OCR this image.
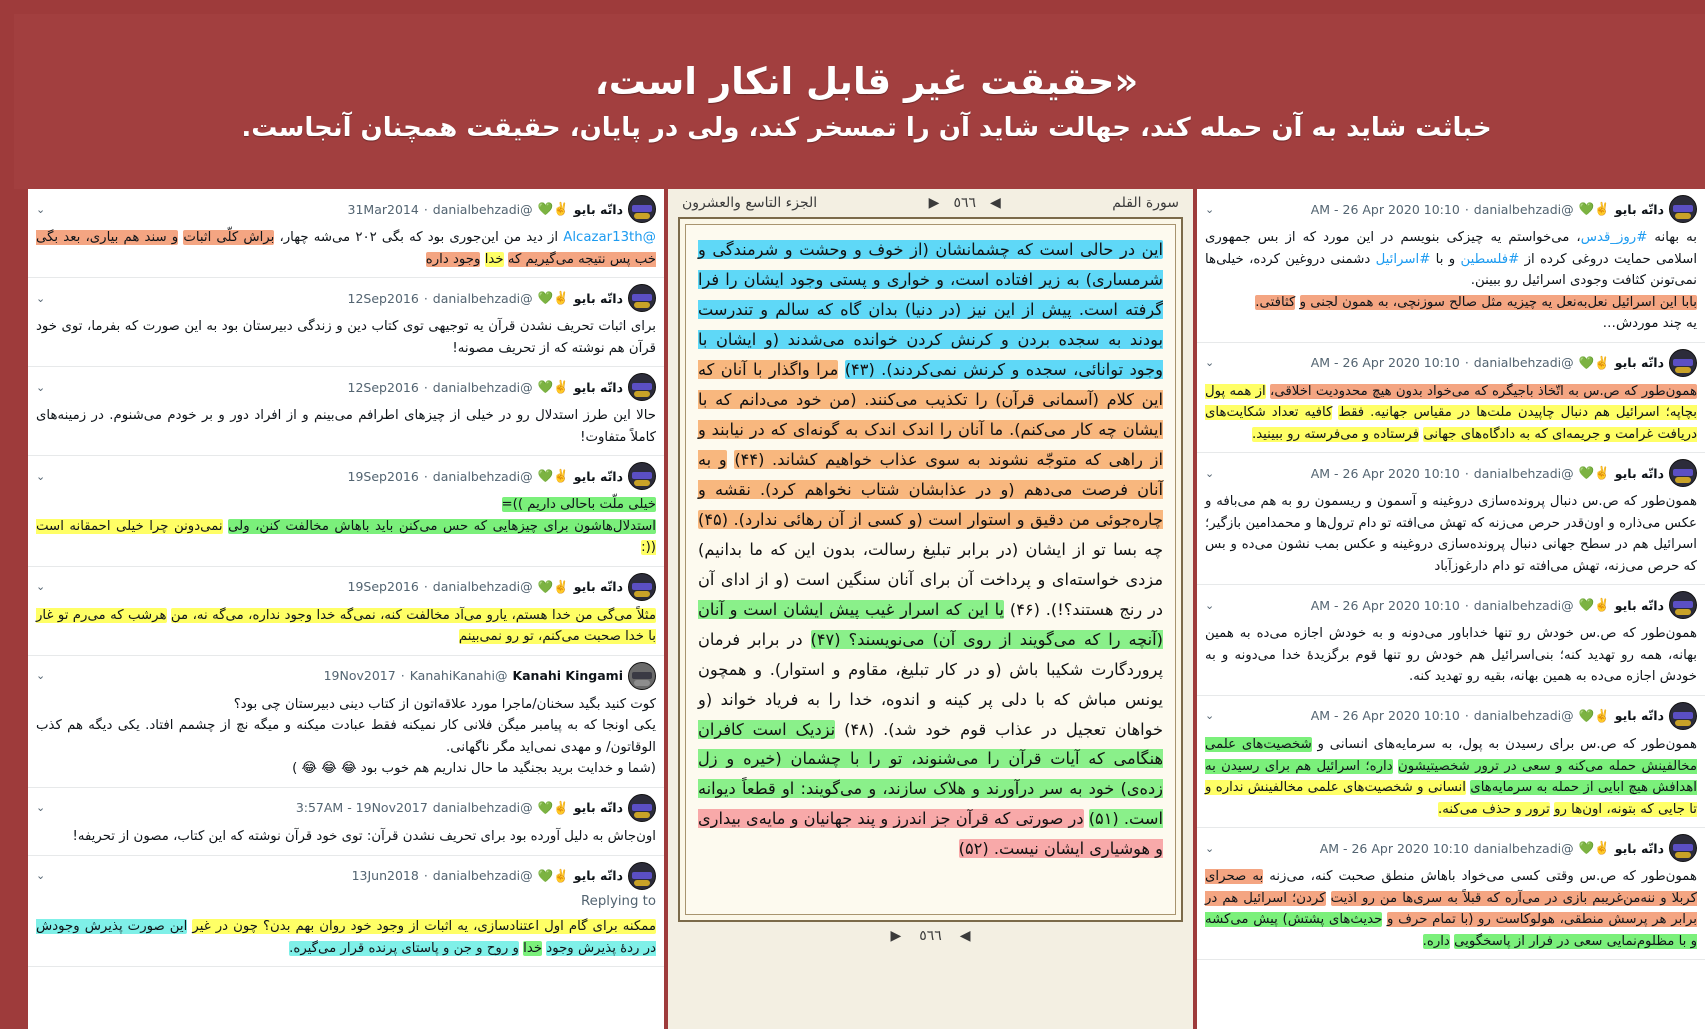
«حقیقت غیر قابل انکار است،
خباثت شاید به آن حمله کند، جهالت شاید آن را تمسخر کند، ولی در پایان، حقیقت همچنان آنجاست.
داتّه بایو
✌️💚
@danialbehzadi
·
10:10 AM - 26 Apr 2020
⌄
به بهانه #روز_قدس، می‌خواستم یه چیزکی بنویسم در این مورد که از بس جمهوری اسلامی حمایت دروغی کرده از #فلسطین و با #اسرائیل دشمنی دروغین کرده، خیلی‌ها نمی‌تونن کثافت وجودی اسرائیل رو ببینن.
بابا این اسرائیل نعل‌به‌نعل یه چیزیه مثل صالح سوزنچی، به همون لجنی و کثافتی.
یه چند موردش…
داتّه بایو
✌️💚
@danialbehzadi
·
10:10 AM - 26 Apr 2020
⌄
همون‌طور که ص.س به اتّخاذ باجیگره که می‌خواد بدون هیچ محدودیت اخلاقی، از همه پول بچاپه؛ اسرائیل هم دنبال چاپیدن ملت‌ها در مقیاس جهانیه. فقط کافیه تعداد شکایت‌های دریافت غرامت و جریمه‌ای که به دادگاه‌های جهانی فرستاده و می‌فرسته رو ببینید.
داتّه بایو
✌️💚
@danialbehzadi
·
10:10 AM - 26 Apr 2020
⌄
همون‌طور که ص.س دنبال پرونده‌سازی دروغینه و آسمون و ریسمون رو به هم می‌بافه و عکس می‌ذاره و اون‌قدر حرص می‌زنه که تهش می‌افته تو دام ترول‌ها و محمدامین بازگیر؛ اسرائیل هم در سطح جهانی دنبال پرونده‌سازی دروغینه و عکس بمب نشون می‌ده و بس که حرص می‌زنه، تهش می‌افته تو دام دارغوزآباد
داتّه بایو
✌️💚
@danialbehzadi
·
10:10 AM - 26 Apr 2020
⌄
همون‌طور که ص.س خودش رو تنها خداباور می‌دونه و به خودش اجازه می‌ده به همین بهانه، همه رو تهدید کنه؛ بنی‌اسرائیل هم خودش رو تنها قوم برگزیدهٔ خدا می‌دونه و به خودش اجازه می‌ده به همین بهانه، بقیه رو تهدید کنه.
داتّه بایو
✌️💚
@danialbehzadi
·
10:10 AM - 26 Apr 2020
⌄
همون‌طور که ص.س برای رسیدن به پول، به سرمایه‌های انسانی و شخصیت‌های علمی مخالفینش حمله می‌کنه و سعی در ترور شخصیتیشون داره؛ اسرائیل هم برای رسیدن به اهدافش هیچ ابایی از حمله به سرمایه‌های انسانی و شخصیت‌های علمی مخالفینش نداره و تا جایی که بتونه، اون‌ها رو ترور و حذف می‌کنه.
داتّه بایو
✌️💚
@danialbehzadi
10:10 AM - 26 Apr 2020
⌄
همون‌طور که ص.س وقتی کسی می‌خواد باهاش منطق صحبت کنه، می‌زنه به صحرای کربلا و ننه‌من‌غریبم بازی در می‌آره که قبلاً به سری‌ها من رو اذیت کردن؛ اسرائیل هم در برابر هر پرسش منطقی، هولوکاست رو (با تمام حرف و حدیث‌های پشتش) پیش می‌کشه و با مظلوم‌نمایی سعی در فرار از پاسخگویی داره.
سورة القلم
◀
٥٦٦
▶
الجزء التاسع والعشرون
این در حالی است که چشمانشان (از خوف و وحشت و شرمندگی و شرمساری) به زیر افتاده است، و خواری و پستی وجود ایشان را فرا گرفته است. پیش از این نیز (در دنیا) بدان گاه که سالم و تندرست بودند به سجده بردن و کرنش کردن خوانده می‌شدند (و ایشان با وجود توانائی، سجده و کرنش نمی‌کردند). (۴۳) مرا واگذار با آنان که این کلام (آسمانی قرآن) را تکذیب می‌کنند. (من خود می‌دانم که با ایشان چه کار می‌کنم). ما آنان را اندک اندک به گونه‌ای که در نیابند و از راهی که متوجّه نشوند به سوی عذاب خواهیم کشاند. (۴۴) و به آنان فرصت می‌دهم (و در عذابشان شتاب نخواهم کرد). نقشه و چاره‌جوئی من دقیق و استوار است (و کسی از آن رهائی ندارد). (۴۵) چه بسا تو از ایشان (در برابر تبلیغ رسالت، بدون این که ما بدانیم) مزدی خواسته‌ای و پرداخت آن برای آنان سنگین است (و از ادای آن در رنج هستند؟!). (۴۶) یا این که اسرار غیب پیش ایشان است و آنان (آنچه را که می‌گویند از روی آن) می‌نویسند؟ (۴۷) در برابر فرمان پروردگارت شکیبا باش (و در کار تبلیغ، مقاوم و استوار). و همچون یونس مباش که با دلی پر کینه و اندوه، خدا را به فریاد خواند (و خواهان تعجیل در عذاب قوم خود شد). (۴۸) نزدیک است کافران هنگامی که آیات قرآن را می‌شنوند، تو را با چشمان (خیره و زل زده‌ی) خود به سر درآورند و هلاک سازند، و می‌گویند: او قطعاً دیوانه است. (۵۱) در صورتی که قرآن جز اندرز و پند جهانیان و مایه‌ی بیداری و هوشیاری ایشان نیست. (۵۲)
◀
٥٦٦
▶
داتّه بایو
✌️💚
@danialbehzadi
·
31Mar2014
⌄
@Alcazar13th از دید من این‌جوری بود که بگی ۲۰۲ می‌شه چهار، براش کلّی اثبات و سند هم بیاری، بعد بگی خب پس نتیجه می‌گیریم که خدا وجود داره
داتّه بایو
✌️💚
@danialbehzadi
·
12Sep2016
⌄
برای اثبات تحریف نشدن قرآن یه توجیهی توی کتاب دین و زندگی دبیرستان بود به این صورت که بفرما، توی خود قرآن هم نوشته که از تحریف مصونه!
داتّه بایو
✌️💚
@danialbehzadi
·
12Sep2016
⌄
حالا این طرز استدلال رو در خیلی از چیزهای اطرافم می‌بینم و از افراد دور و بر خودم می‌شنوم. در زمینه‌های کاملاً متفاوت!
داتّه بایو
✌️💚
@danialbehzadi
·
19Sep2016
⌄
خیلی ملّت باحالی داریم ))=
استدلال‌هاشون برای چیزهایی که حس می‌کنن باید باهاش مخالفت کنن، ولی نمی‌دونن چرا خیلی احمقانه است ((:
داتّه بایو
✌️💚
@danialbehzadi
·
19Sep2016
⌄
مثلاً می‌گی من خدا هستم، یارو می‌آد مخالفت کنه، نمی‌گه خدا وجود نداره، می‌گه نه، من هرشب که می‌رم تو غار با خدا صحبت می‌کنم، تو رو نمی‌بینم
Kanahi Kingami
@KanahiKanahi
·
19Nov2017
⌄
کوت کنید بگید سخنان/ما‌جرا مورد علاقه‌اتون از کتاب دینی دبیرستان چی بود؟
یکی اونجا که به پیامبر میگن فلانی کار نمیکنه فقط عبادت میکنه و میگه نچ از چشمم افتاد. یکی دیگه هم کذب الوقاتون/ و مهدی نمی‌اید مگر ناگهانی.
(شما و خدایت برید بجنگید ما حال نداریم هم خوب بود 😂 😂 😂 )
داتّه بایو
✌️💚
@danialbehzadi
3:57AM - 19Nov2017
⌄
اون‌جاش به دلیل آورده بود برای تحریف نشدن قرآن: توی خود قرآن نوشته که این کتاب، مصون از تحریفه!
داتّه بایو
✌️💚
@danialbehzadi
·
13Jun2018
⌄
Replying to
ممکنه برای گام اول اعتنادسازی، یه اثبات از وجود خود روان بهم بدن؟ چون در غیر این صورت پذیرش وجودش در ردهٔ پذیرش وجود خدا و روح و جن و پاستای پرنده قرار می‌گیره.
